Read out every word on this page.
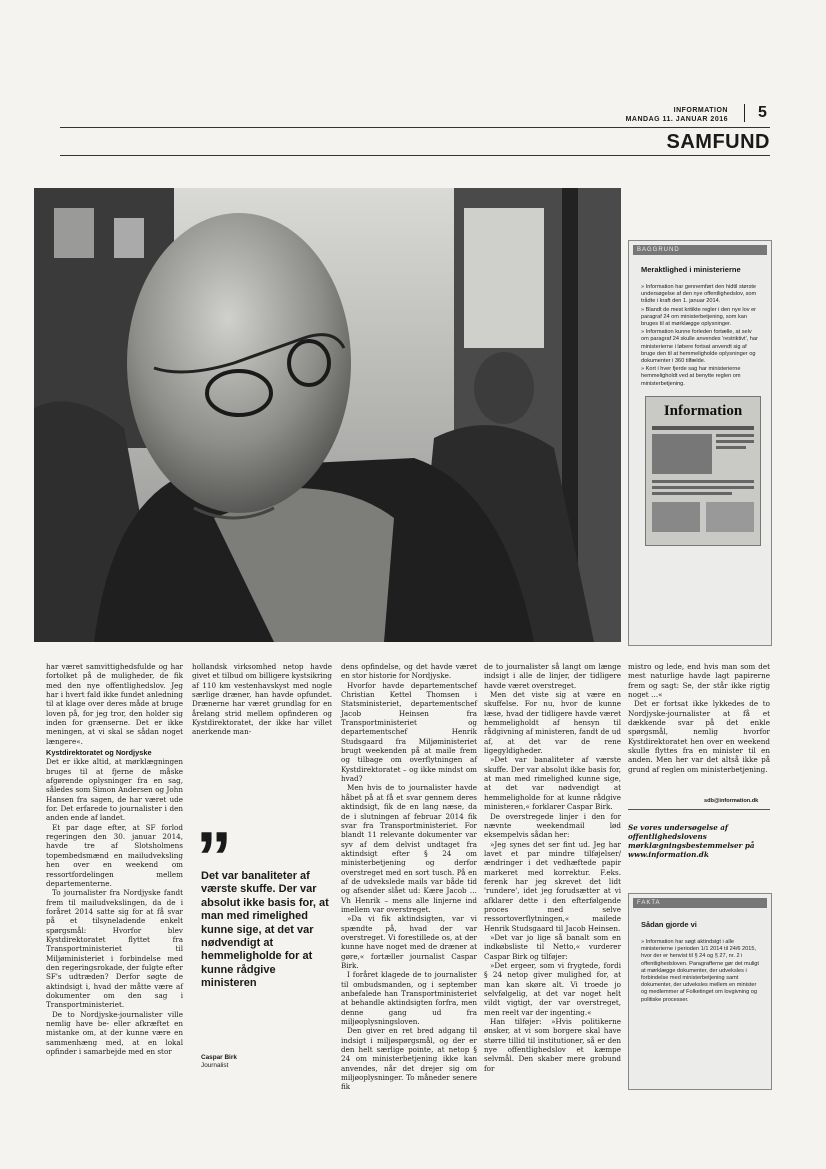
INFORMATION
MANDAG 11. JANUAR 2016 5
SAMFUND
BAGGRUND
Meraktlighed i ministerierne

» Information har gennemført den hidtil største undersøgelse af den nye offentlighedslov, som trådte i kraft den 1. januar 2014.

» Blandt de mest kritikte regler i den nye lov er paragraf 24 om ministerbetjening, som kan bruges til at mørklægge oplysninger.

» Information kunne forleden fortælle, at selv om paragraf 24 skulle anvendes 'restriktivt', har ministerierne i løbere fortsat anvendt sig af bruge den til at hemmeligholde oplysninger og dokumenter i 360 tilfælde.

» Kort i hver fjerde sag har ministerierne hemmeligholdt ved at benytte reglen om ministerbetjening.

Information

har været samvittighedsfulde og har fortolket på de muligheder, de fik med den nye offentlighedslov. Jeg har i hvert fald ikke fundet anledning til at klage over deres måde at bruge loven på, for jeg tror, den holder sig inden for grænserne. Det er ikke meningen, at vi skal se sådan noget længere«.

Kystdirektoratet og Nordjyske

Det er ikke altid, at mørklægningen bruges til at fjerne de måske afgørende oplysninger fra en sag, således som Simon Andersen og John Hansen fra sagen, de har været ude for. Det erfarede to journalister i den anden ende af landet.

Et par dage efter, at SF forlod regeringen den 30. januar 2014, havde tre af Slotsholmens topembedsmænd en mailudveksling hen over en weekend om ressortfordelingen mellem departementerne.

To journalister fra Nordjyske fandt frem til mailudvekslingen, da de i foråret 2014 satte sig for at få svar på et tilsyneladende enkelt spørgsmål: Hvorfor blev Kystdirektoratet flyttet fra Transportministeriet til Miljøministeriet i forbindelse med den regeringsrokade, der fulgte efter SF's udtræden? Derfor søgte de aktindsigt i, hvad der måtte være af dokumenter om den sag i Transportministeriet.

De to Nordjyske-journalister ville nemlig have be- eller afkræftet en mistanke om, at der kunne være en sammenhæng med, at en lokal opfinder i samarbejde med en stor

hollandsk virksomhed netop havde givet et tilbud om billigere kystsikring af 110 km vestenhavskyst med nogle særlige dræner, han havde opfundet. Drænerne har været grundlag for en årelang strid mellem opfinderen og Kystdirektoratet, der ikke har villet anerkende man-

”
Det var banaliteter af værste skuffe. Der var absolut ikke basis for, at man med rimelighed kunne sige, at det var nødvendigt at hemmeligholde for at kunne rådgive ministeren
Caspar Birk
Journalist

dens opfindelse, og det havde været en stor historie for Nordjyske.

Hvorfor havde departementschef Christian Kettel Thomsen i Statsministeriet, departementschef Jacob Heinsen fra Transportministeriet og departementschef Henrik Studsgaard fra Miljøministeriet brugt weekenden på at maile frem og tilbage om overflytningen af Kystdirektoratet – og ikke mindst om hvad?

Men hvis de to journalister havde håbet på at få et svar gennem deres aktindsigt, fik de en lang næse, da de i slutningen af februar 2014 fik svar fra Transportministeriet. For blandt 11 relevante dokumenter var syv af dem delvist undtaget fra aktindsigt efter § 24 om ministerbetjening og derfor overstreget med en sort tusch. På en af de udvekslede mails var både tid og afsender slået ud: Kære Jacob … Vh Henrik – mens alle linjerne ind imellem var overstreget.

»Da vi fik aktindsigten, var vi spændte på, hvad der var overstreget. Vi forestillede os, at der kunne have noget med de dræner at gøre,« fortæller journalist Caspar Birk.

I foråret klagede de to journalister til ombudsmanden, og i september anbefalede han Transportministeriet at behandle aktindsigten forfra, men denne gang ud fra miljøoplysningsloven.

Den giver en ret bred adgang til indsigt i miljøspørgsmål, og der er den helt særlige pointe, at netop § 24 om ministerbetjening ikke kan anvendes, når det drejer sig om miljøoplysninger. To måneder senere fik

de to journalister så langt om længe indsigt i alle de linjer, der tidligere havde været overstreget.

Men det viste sig at være en skuffelse. For nu, hvor de kunne læse, hvad der tidligere havde været hemmeligholdt af hensyn til rådgivning af ministeren, fandt de ud af, at det var de rene ligegyldigheder.

»Det var banaliteter af værste skuffe. Der var absolut ikke basis for, at man med rimelighed kunne sige, at det var nødvendigt at hemmeligholde for at kunne rådgive ministeren,« forklarer Caspar Birk.

De overstregede linjer i den for nævnte weekendmail lød eksempelvis sådan her:

»Jeg synes det ser fint ud. Jeg har lavet et par mindre tilføjelser/ændringer i det vedhæftede papir markeret med korrektur. F.eks. ferenk har jeg skrevet det lidt 'rundere', idet jeg forudsætter at vi afklarer dette i den efterfølgende proces med selve ressortoverflytningen,« mailede Henrik Studsgaard til Jacob Heinsen.

»Det var jo lige så banalt som en indkøbsliste til Netto,« vurderer Caspar Birk og tilføjer:

»Det ergeer, som vi frygtede, fordi § 24 netop giver mulighed for, at man kan skøre alt. Vi troede jo selvfølgelig, at det var noget helt vildt vigtigt, der var overstreget, men reelt var der ingenting.«

Han tilføjer: »Hvis politikerne ønsker, at vi som borgere skal have større tillid til institutioner, så er den nye offentlighedslov et kæmpe selvmål. Den skaber mere grobund for

mistro og lede, end hvis man som det mest naturlige havde lagt papirerne frem og sagt: Se, der står ikke rigtig noget …«

Det er fortsat ikke lykkedes de to Nordjyske-journalister at få et dækkende svar på det enkle spørgsmål, nemlig hvorfor Kystdirektoratet hen over en weekend skulle flyttes fra en minister til en anden. Men her var det altså ikke på grund af reglen om ministerbetjening.

sdb@information.dk
Se vores undersøgelse af offentlighedslovens mørklægningsbestemmelser på www.information.dk
FAKTA
Sådan gjorde vi
» Information har søgt aktindsigt i alle ministerierne i perioden 1/1 2014 til 24/6 2015, hvor der er henvist til § 24 og § 27, nr. 2 i offentlighedsloven. Paragrafferne gør det muligt at mørklægge dokumenter, der udveksles i forbindelse med ministerbetjening samt dokumenter, der udveksles mellem en minister og medlemmer af Folketinget om lovgivning og politiske processer.
